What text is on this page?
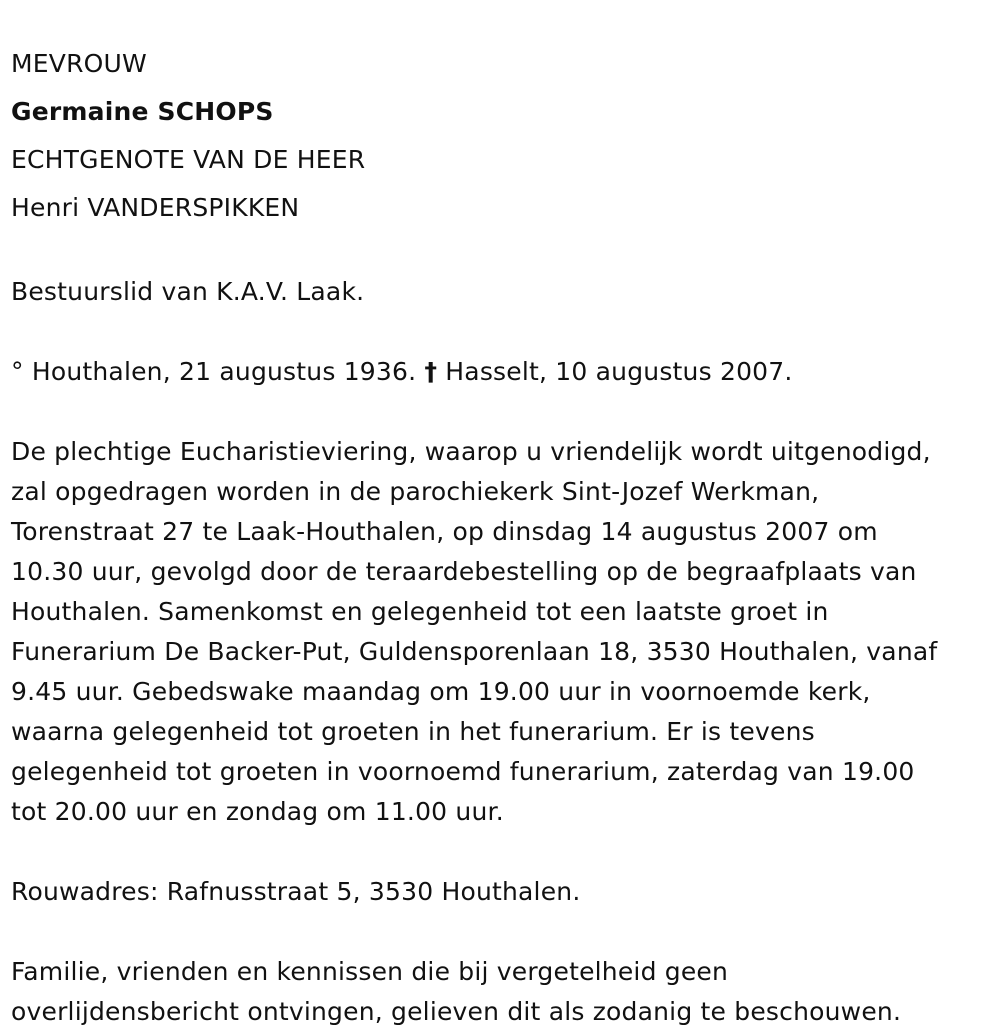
MEVROUW
Germaine SCHOPS
ECHTGENOTE VAN DE HEER
Henri VANDERSPIKKEN
Bestuurslid van K.A.V. Laak.
° Houthalen, 21 augustus 1936. † Hasselt, 10 augustus 2007.
De plechtige Eucharistieviering, waarop u vriendelijk wordt uitgenodigd,
zal opgedragen worden in de parochiekerk Sint-Jozef Werkman,
Torenstraat 27 te Laak-Houthalen, op dinsdag 14 augustus 2007 om
10.30 uur, gevolgd door de teraardebestelling op de begraafplaats van
Houthalen. Samenkomst en gelegenheid tot een laatste groet in
Funerarium De Backer-Put, Guldensporenlaan 18, 3530 Houthalen, vanaf
9.45 uur. Gebedswake maandag om 19.00 uur in voornoemde kerk,
waarna gelegenheid tot groeten in het funerarium. Er is tevens
gelegenheid tot groeten in voornoemd funerarium, zaterdag van 19.00
tot 20.00 uur en zondag om 11.00 uur.
Rouwadres: Rafnusstraat 5, 3530 Houthalen.
Familie, vrienden en kennissen die bij vergetelheid geen
overlijdensbericht ontvingen, gelieven dit als zodanig te beschouwen.
